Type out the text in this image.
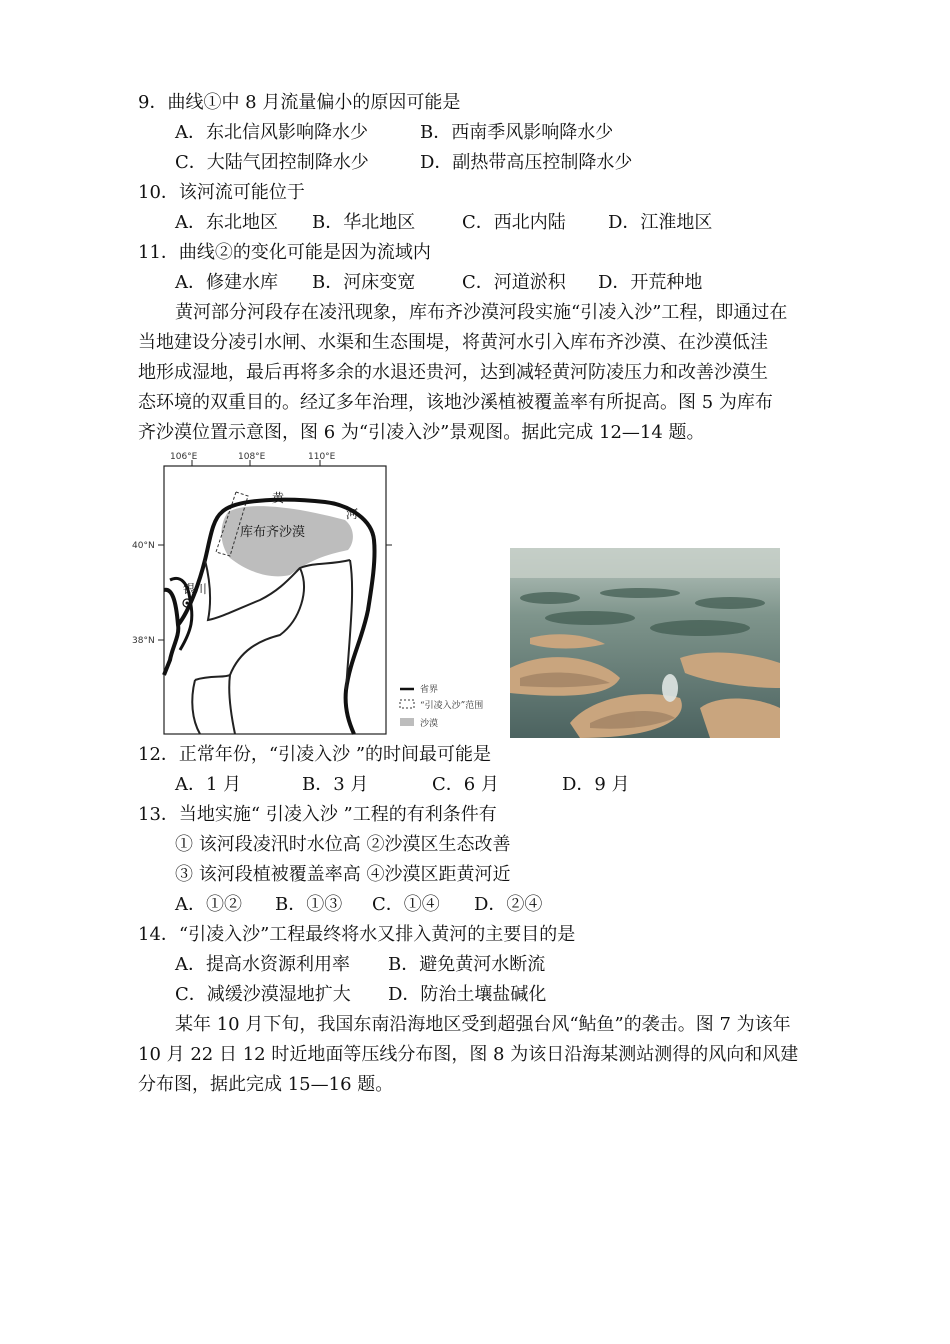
9．曲线①中 8 月流量偏小的原因可能是
A．东北信风影响降水少	B．西南季风影响降水少
C．大陆气团控制降水少	D．副热带高压控制降水少
10．该河流可能位于
A．东北地区 B．华北地区	C．西北内陆 D．江淮地区
11．曲线②的变化可能是因为流域内
A．修建水库 B．河床变宽	C．河道淤积 D．开荒种地
黄河部分河段存在凌汛现象，库布齐沙漠河段实施“引凌入沙”工程，即通过在
当地建设分凌引水闸、水渠和生态围堤，将黄河水引入库布齐沙漠、在沙漠低洼
地形成湿地，最后再将多余的水退还贵河，达到减轻黄河防凌压力和改善沙漠生
态环境的双重目的。经辽多年治理，该地沙溪植被覆盖率有所捉高。图 5 为库布
齐沙漠位置示意图，图 6 为“引凌入沙”景观图。据此完成 12—14 题。
106°E	108°E	110°E
40°N
38°N
黄
河
库布齐沙漠
银川
省界
“引凌入沙”范围
沙漠
12．正常年份，“引凌入沙 ”的时间最可能是
A．1 月	B．3 月	C．6 月	D．9 月
13．当地实施“ 引凌入沙 ”工程的有利条件有
① 该河段凌汛时水位高 ②沙漠区生态改善
③ 该河段植被覆盖率高 ④沙漠区距黄河近
A．①② B．①③ C．①④ D．②④
14．“引凌入沙”工程最终将水又排入黄河的主要目的是
A．提高水资源利用率 B．避免黄河水断流
C．减缓沙漠湿地扩大 D．防治土壤盐碱化
某年 10 月下旬，我国东南沿海地区受到超强台风“鲇鱼”的袭击。图 7 为该年
10 月 22 日 12 时近地面等压线分布图，图 8 为该日沿海某测站测得的风向和风建
分布图，据此完成 15—16 题。
